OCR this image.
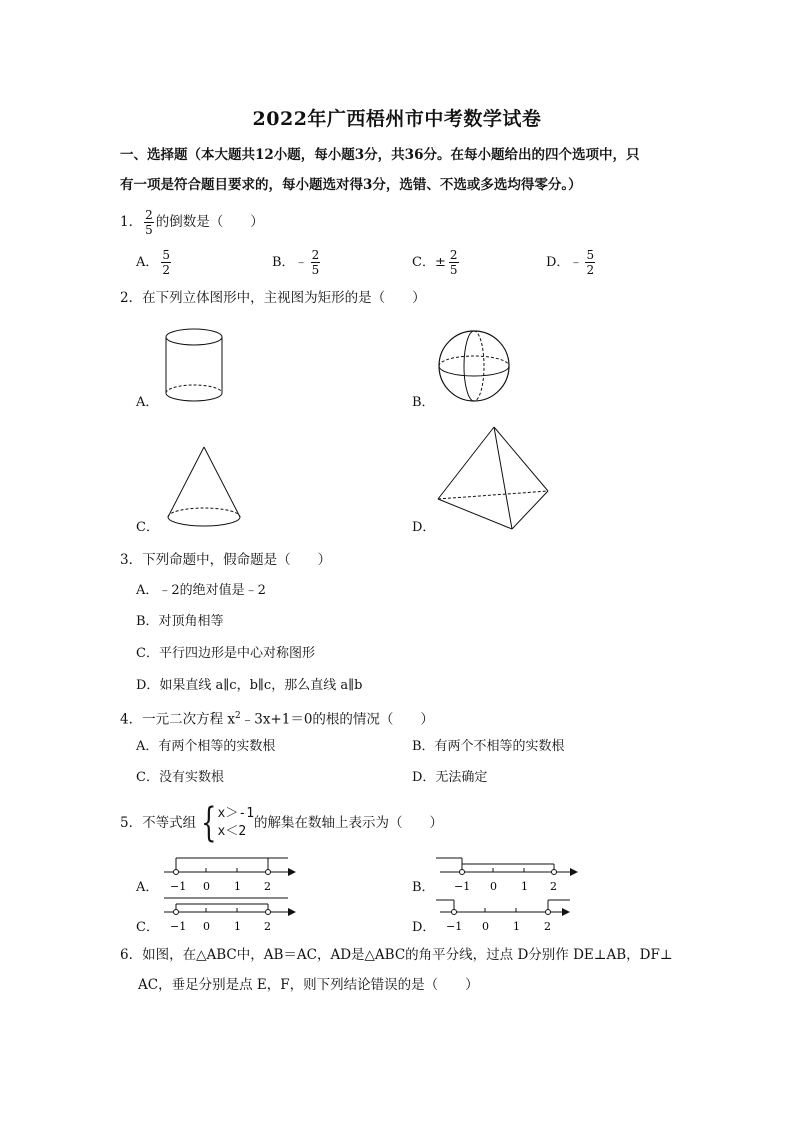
2022年广西梧州市中考数学试卷
一、选择题（本大题共12小题，每小题3分，共36分。在每小题给出的四个选项中，只
有一项是符合题目要求的，每小题选对得3分，选错、不选或多选均得零分。）
1． $\frac{2}{5}$ 的倒数是（　　）
A． $\frac{5}{2}$	B．﹣ $\frac{2}{5}$	C．± $\frac{2}{5}$	D．﹣ $\frac{5}{2}$
2．在下列立体图形中，主视图为矩形的是（　　）
A．	B．
C．	D．
3．下列命题中，假命题是（　　）
A．﹣2的绝对值是﹣2
B．对顶角相等
C．平行四边形是中心对称图形
D．如果直线 a∥c，b∥c，那么直线 a∥b
4．一元二次方程 $x^2﹣3x+1=0$的根的情况（　　）
A．有两个相等的实数根	B．有两个不相等的实数根
C．没有实数根	D．无法确定
5．不等式组 { x＞-1
x＜2
的解集在数轴上表示为（　　）
A．	B．
C．	D．
−1 0 1 2	−1 0 1 2
−1 0 1 2	−1 0 1 2
6．如图，在△ABC中，AB＝AC，AD是△ABC的角平分线，过点 D分别作 DE⊥AB，DF⊥
AC，垂足分别是点 E，F，则下列结论错误的是（　　）
